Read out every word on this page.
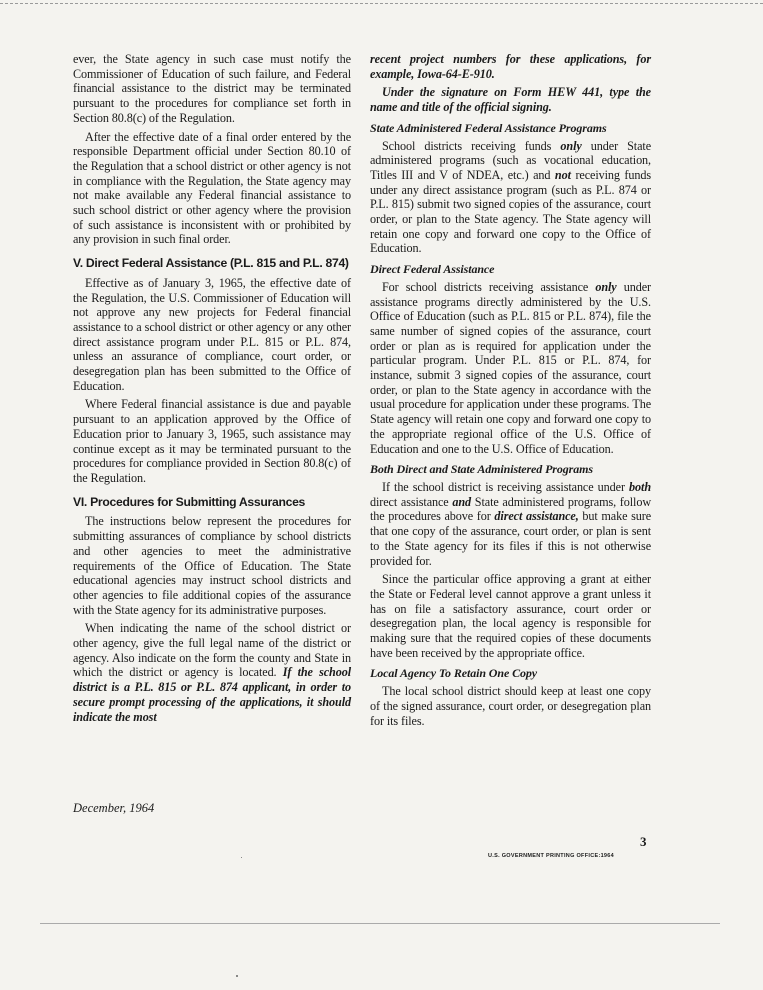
ever, the State agency in such case must notify the Commissioner of Education of such failure, and Federal financial assistance to the district may be terminated pursuant to the procedures for compliance set forth in Section 80.8(c) of the Regulation.

After the effective date of a final order entered by the responsible Department official under Section 80.10 of the Regulation that a school district or other agency is not in compliance with the Regulation, the State agency may not make available any Federal financial assistance to such school district or other agency where the provision of such assistance is inconsistent with or prohibited by any provision in such final order.

V. Direct Federal Assistance (P.L. 815 and P.L. 874)

Effective as of January 3, 1965, the effective date of the Regulation, the U.S. Commissioner of Education will not approve any new projects for Federal financial assistance to a school district or other agency or any other direct assistance program under P.L. 815 or P.L. 874, unless an assurance of compliance, court order, or desegregation plan has been submitted to the Office of Education.

Where Federal financial assistance is due and payable pursuant to an application approved by the Office of Education prior to January 3, 1965, such assistance may continue except as it may be terminated pursuant to the procedures for compliance provided in Section 80.8(c) of the Regulation.

VI. Procedures for Submitting Assurances

The instructions below represent the procedures for submitting assurances of compliance by school districts and other agencies to meet the administrative requirements of the Office of Education. The State educational agencies may instruct school districts and other agencies to file additional copies of the assurance with the State agency for its administrative purposes.

When indicating the name of the school district or other agency, give the full legal name of the district or agency. Also indicate on the form the county and State in which the district or agency is located. If the school district is a P.L. 815 or P.L. 874 applicant, in order to secure prompt processing of the applications, it should indicate the most

recent project numbers for these applications, for example, Iowa-64-E-910.

Under the signature on Form HEW 441, type the name and title of the official signing.

State Administered Federal Assistance Programs

School districts receiving funds only under State administered programs (such as vocational education, Titles III and V of NDEA, etc.) and not receiving funds under any direct assistance program (such as P.L. 874 or P.L. 815) submit two signed copies of the assurance, court order, or plan to the State agency. The State agency will retain one copy and forward one copy to the Office of Education.

Direct Federal Assistance

For school districts receiving assistance only under assistance programs directly administered by the U.S. Office of Education (such as P.L. 815 or P.L. 874), file the same number of signed copies of the assurance, court order or plan as is required for application under the particular program. Under P.L. 815 or P.L. 874, for instance, submit 3 signed copies of the assurance, court order, or plan to the State agency in accordance with the usual procedure for application under these programs. The State agency will retain one copy and forward one copy to the appropriate regional office of the U.S. Office of Education and one to the U.S. Office of Education.

Both Direct and State Administered Programs

If the school district is receiving assistance under both direct assistance and State administered programs, follow the procedures above for direct assistance, but make sure that one copy of the assurance, court order, or plan is sent to the State agency for its files if this is not otherwise provided for.

Since the particular office approving a grant at either the State or Federal level cannot approve a grant unless it has on file a satisfactory assurance, court order or desegregation plan, the local agency is responsible for making sure that the required copies of these documents have been received by the appropriate office.

Local Agency To Retain One Copy

The local school district should keep at least one copy of the signed assurance, court order, or desegregation plan for its files.

December, 1964
3
U.S. GOVERNMENT PRINTING OFFICE:1964
